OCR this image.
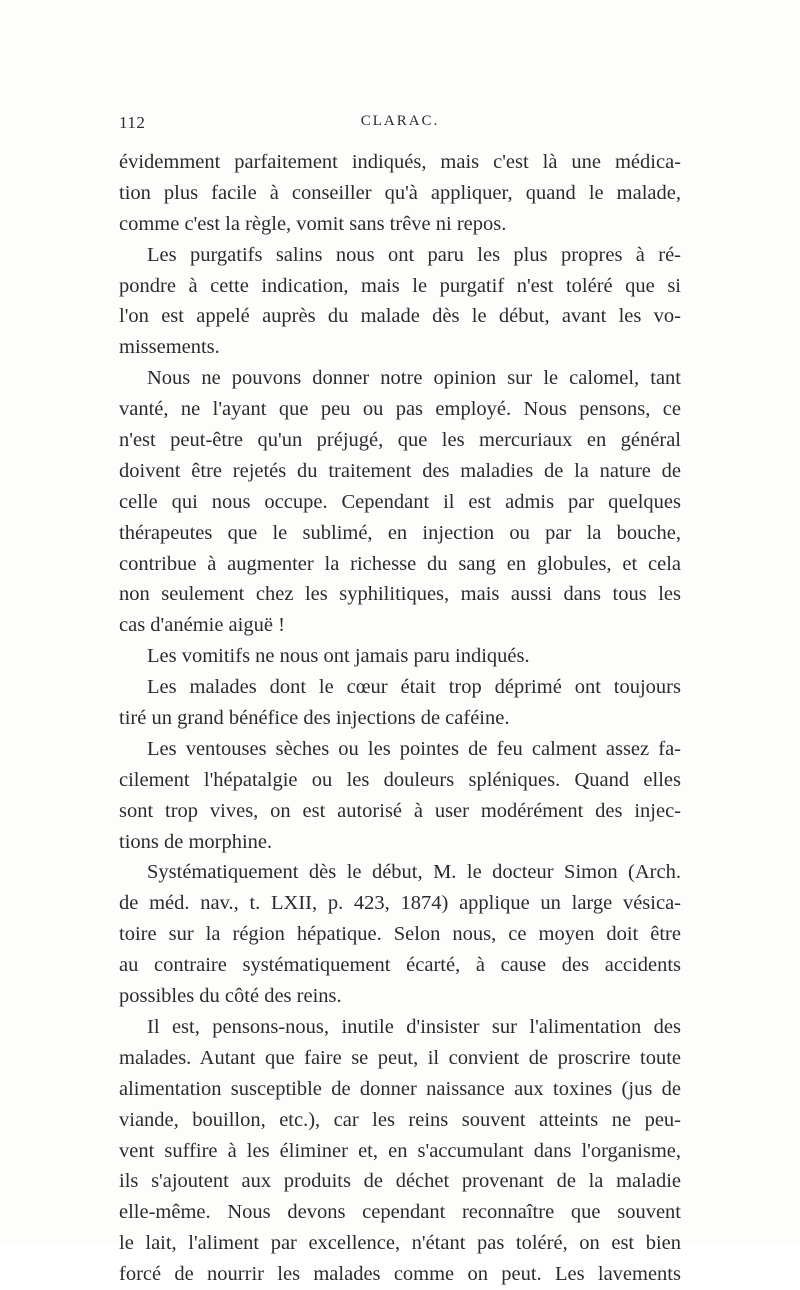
112	CLARAC.
évidemment parfaitement indiqués, mais c'est là une médica-
tion plus facile à conseiller qu'à appliquer, quand le malade,
comme c'est la règle, vomit sans trêve ni repos.
Les purgatifs salins nous ont paru les plus propres à ré-
pondre à cette indication, mais le purgatif n'est toléré que si
l'on est appelé auprès du malade dès le début, avant les vo-
missements.
Nous ne pouvons donner notre opinion sur le calomel, tant
vanté, ne l'ayant que peu ou pas employé. Nous pensons, ce
n'est peut-être qu'un préjugé, que les mercuriaux en général
doivent être rejetés du traitement des maladies de la nature de
celle qui nous occupe. Cependant il est admis par quelques
thérapeutes que le sublimé, en injection ou par la bouche,
contribue à augmenter la richesse du sang en globules, et cela
non seulement chez les syphilitiques, mais aussi dans tous les
cas d'anémie aiguë !
Les vomitifs ne nous ont jamais paru indiqués.
Les malades dont le cœur était trop déprimé ont toujours
tiré un grand bénéfice des injections de caféine.
Les ventouses sèches ou les pointes de feu calment assez fa-
cilement l'hépatalgie ou les douleurs spléniques. Quand elles
sont trop vives, on est autorisé à user modérément des injec-
tions de morphine.
Systématiquement dès le début, M. le docteur Simon (Arch.
de méd. nav., t. LXII, p. 423, 1874) applique un large vésica-
toire sur la région hépatique. Selon nous, ce moyen doit être
au contraire systématiquement écarté, à cause des accidents
possibles du côté des reins.
Il est, pensons-nous, inutile d'insister sur l'alimentation des
malades. Autant que faire se peut, il convient de proscrire toute
alimentation susceptible de donner naissance aux toxines (jus de
viande, bouillon, etc.), car les reins souvent atteints ne peu-
vent suffire à les éliminer et, en s'accumulant dans l'organisme,
ils s'ajoutent aux produits de déchet provenant de la maladie
elle-même. Nous devons cependant reconnaître que souvent
le lait, l'aliment par excellence, n'étant pas toléré, on est bien
forcé de nourrir les malades comme on peut. Les lavements
